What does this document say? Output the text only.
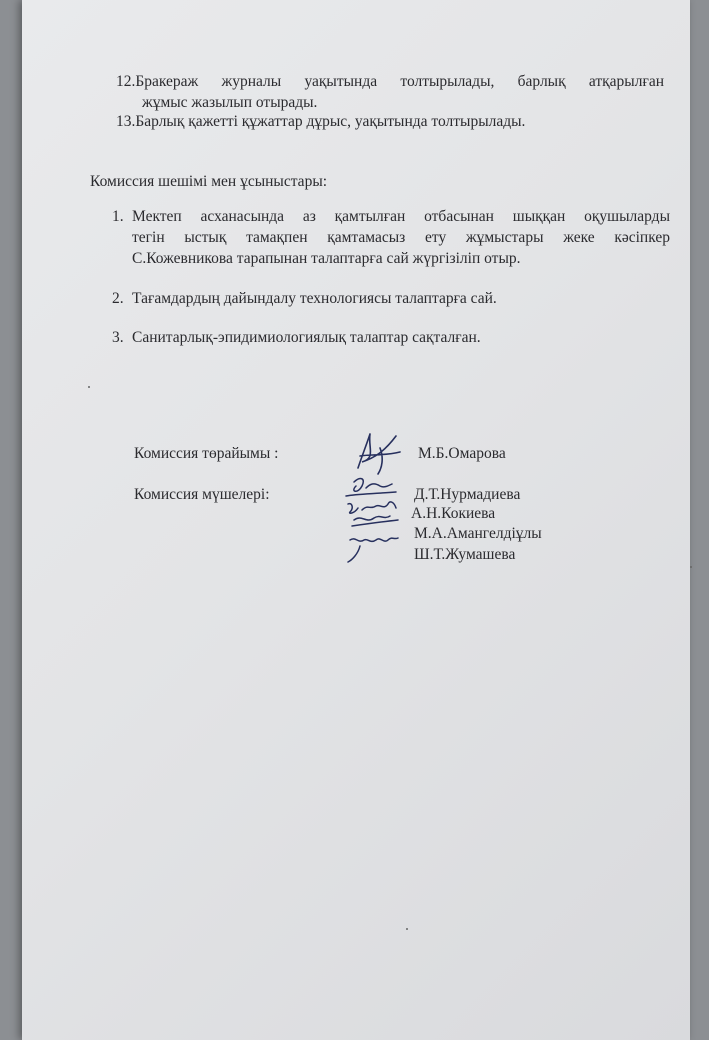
12.Бракераж журналы уақытында толтырылады, барлық атқарылған
жұмыс жазылып отырады.
13.Барлық қажетті құжаттар дұрыс, уақытында толтырылады.
Комиссия шешімі мен ұсыныстары:
1. Мектеп асханасында аз қамтылған отбасынан шыққан оқушыларды
тегін ыстық тамақпен қамтамасыз ету жұмыстары жеке кәсіпкер
С.Кожевникова тарапынан талаптарға сай жүргізіліп отыр.
2. Тағамдардың дайындалу технологиясы талаптарға сай.
3. Санитарлық-эпидимиологиялық талаптар сақталған.
Комиссия төрайымы :	М.Б.Омарова
Комиссия мүшелері:	Д.Т.Нурмадиева
А.Н.Кокиева
М.А.Амангелдіұлы
Ш.Т.Жумашева
